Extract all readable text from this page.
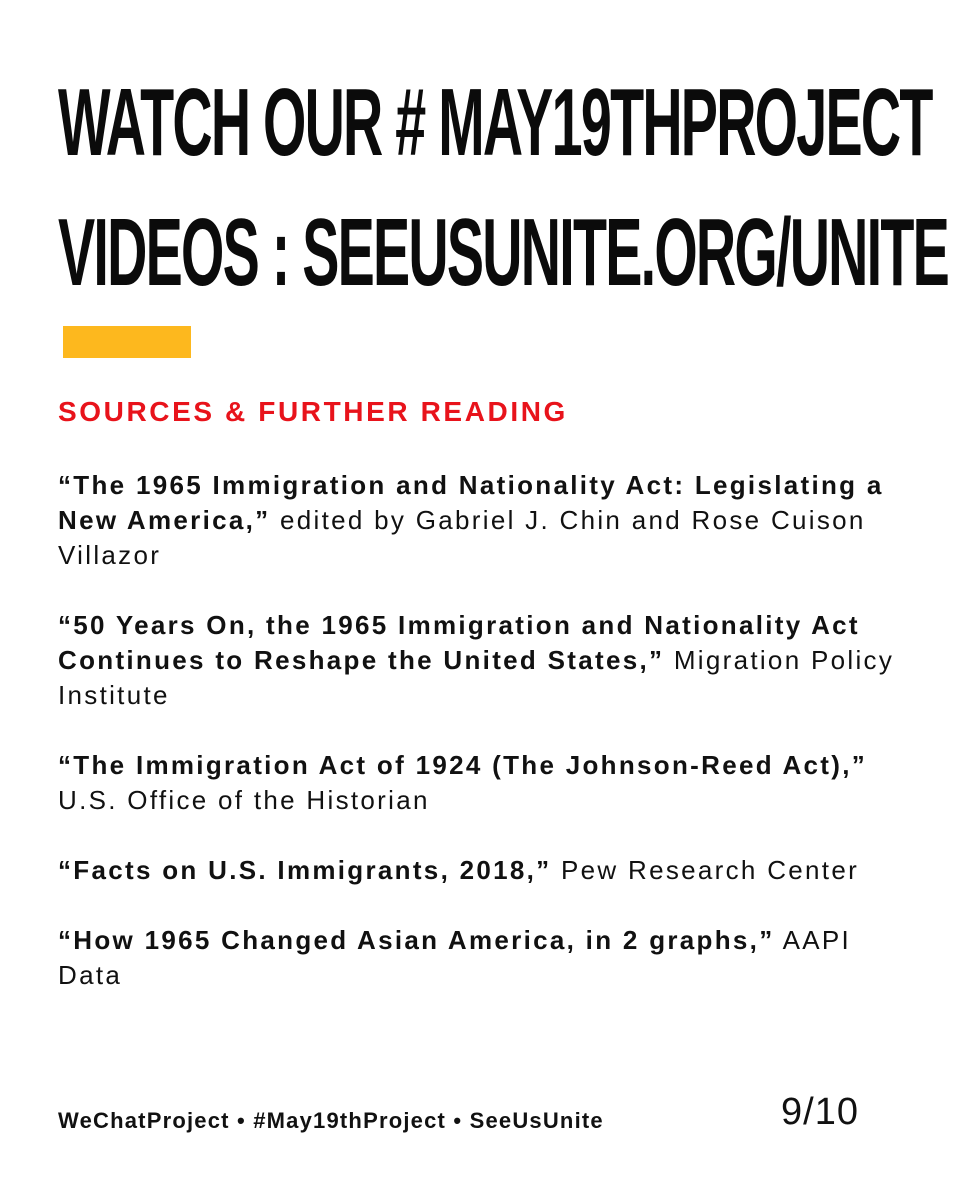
WATCH OUR # MAY19THPROJECT
VIDEOS : SEEUSUNITE.ORG/UNITE
SOURCES & FURTHER READING
“The 1965 Immigration and Nationality Act: Legislating a New America,” edited by Gabriel J. Chin and Rose Cuison Villazor
“50 Years On, the 1965 Immigration and Nationality Act Continues to Reshape the United States,” Migration Policy Institute
“The Immigration Act of 1924 (The Johnson-Reed Act),” U.S. Office of the Historian
“Facts on U.S. Immigrants, 2018,” Pew Research Center
“How 1965 Changed Asian America, in 2 graphs,” AAPI Data
WeChatProject • #May19thProject • SeeUsUnite	9/10
